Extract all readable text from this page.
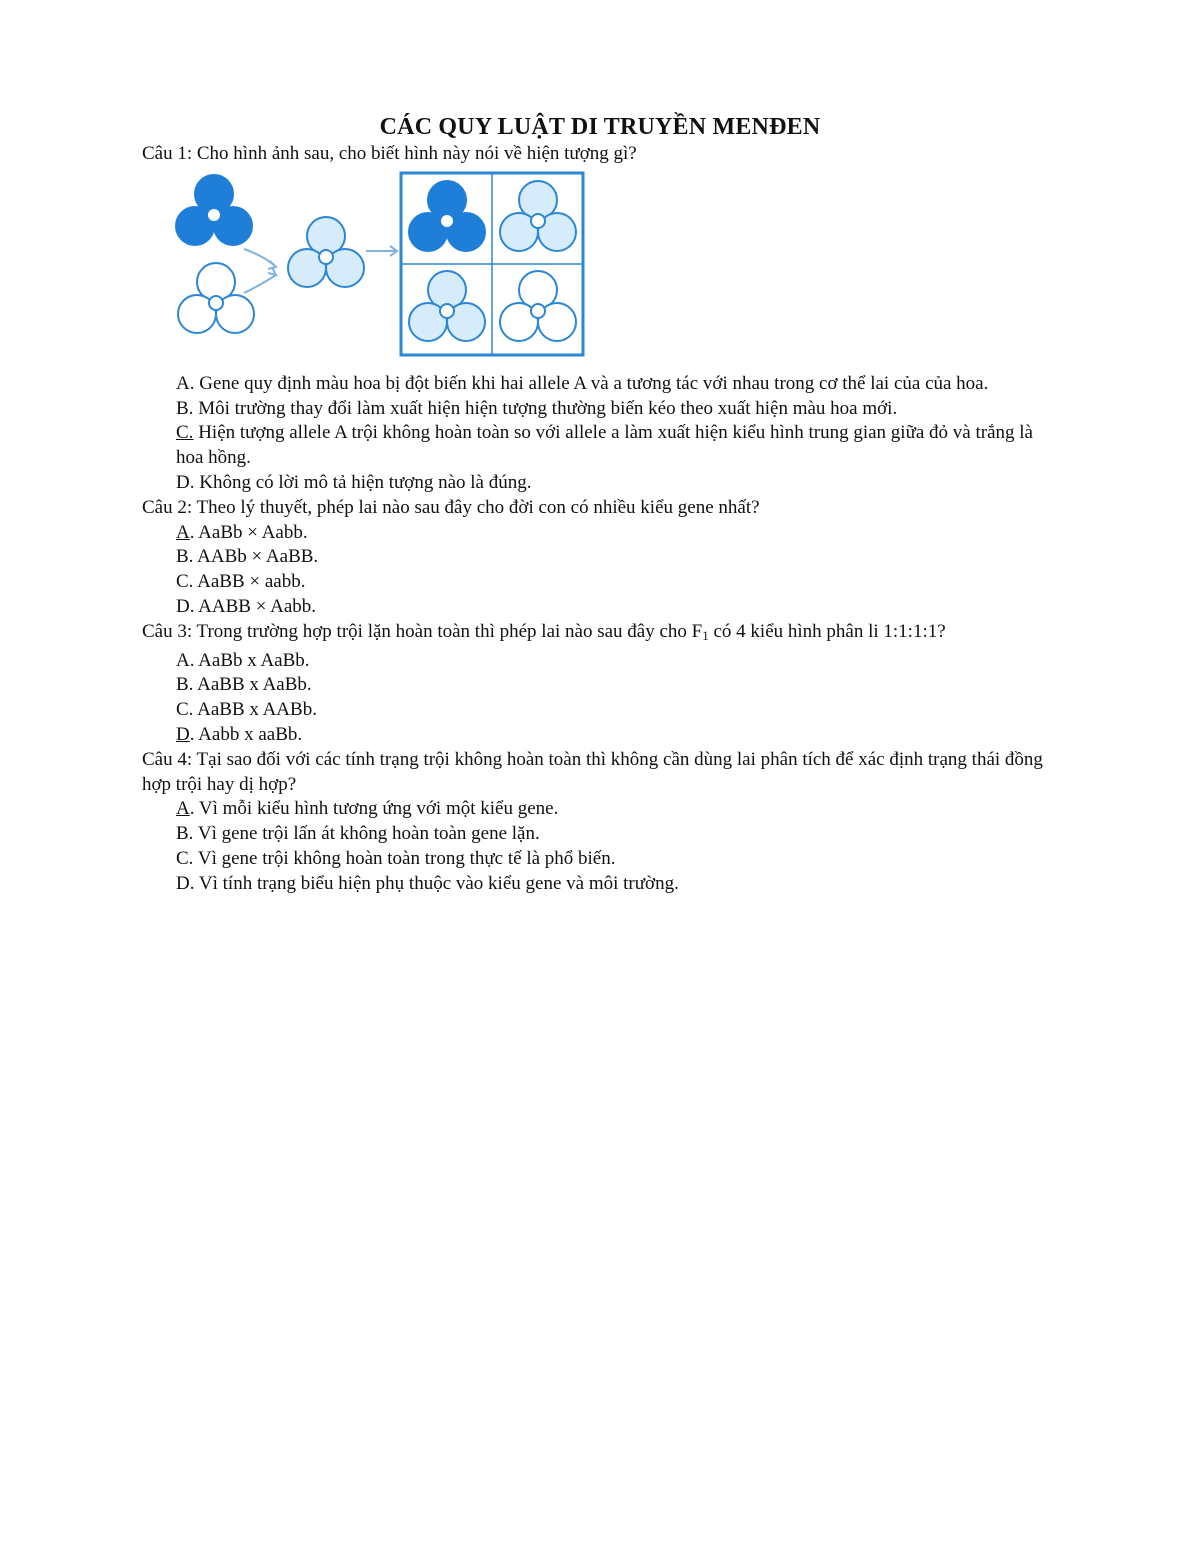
CÁC QUY LUẬT DI TRUYỀN MENĐEN

Câu 1: Cho hình ảnh sau, cho biết hình này nói về hiện tượng gì?

A. Gene quy định màu hoa bị đột biến khi hai allele A và a tương tác với nhau trong cơ thể lai của của hoa.
B. Môi trường thay đổi làm xuất hiện hiện tượng thường biến kéo theo xuất hiện màu hoa mới.
C. Hiện tượng allele A trội không hoàn toàn so với allele a làm xuất hiện kiểu hình trung gian giữa đỏ và trắng là hoa hồng.
D. Không có lời mô tả hiện tượng nào là đúng.

Câu 2: Theo lý thuyết, phép lai nào sau đây cho đời con có nhiều kiểu gene nhất?

A. AaBb × Aabb.
B. AABb × AaBB.
C. AaBB × aabb.
D. AABB × Aabb.

Câu 3: Trong trường hợp trội lặn hoàn toàn thì phép lai nào sau đây cho $F_1$ có 4 kiểu hình phân li 1:1:1:1?

A. AaBb x AaBb.
B. AaBB x AaBb.
C. AaBB x AABb.
D. Aabb x aaBb.

Câu 4: Tại sao đối với các tính trạng trội không hoàn toàn thì không cần dùng lai phân tích để xác định trạng thái đồng hợp trội hay dị hợp?

A. Vì mỗi kiểu hình tương ứng với một kiểu gene.
B. Vì gene trội lấn át không hoàn toàn gene lặn.
C. Vì gene trội không hoàn toàn trong thực tế là phổ biến.
D. Vì tính trạng biểu hiện phụ thuộc vào kiểu gene và môi trường.
